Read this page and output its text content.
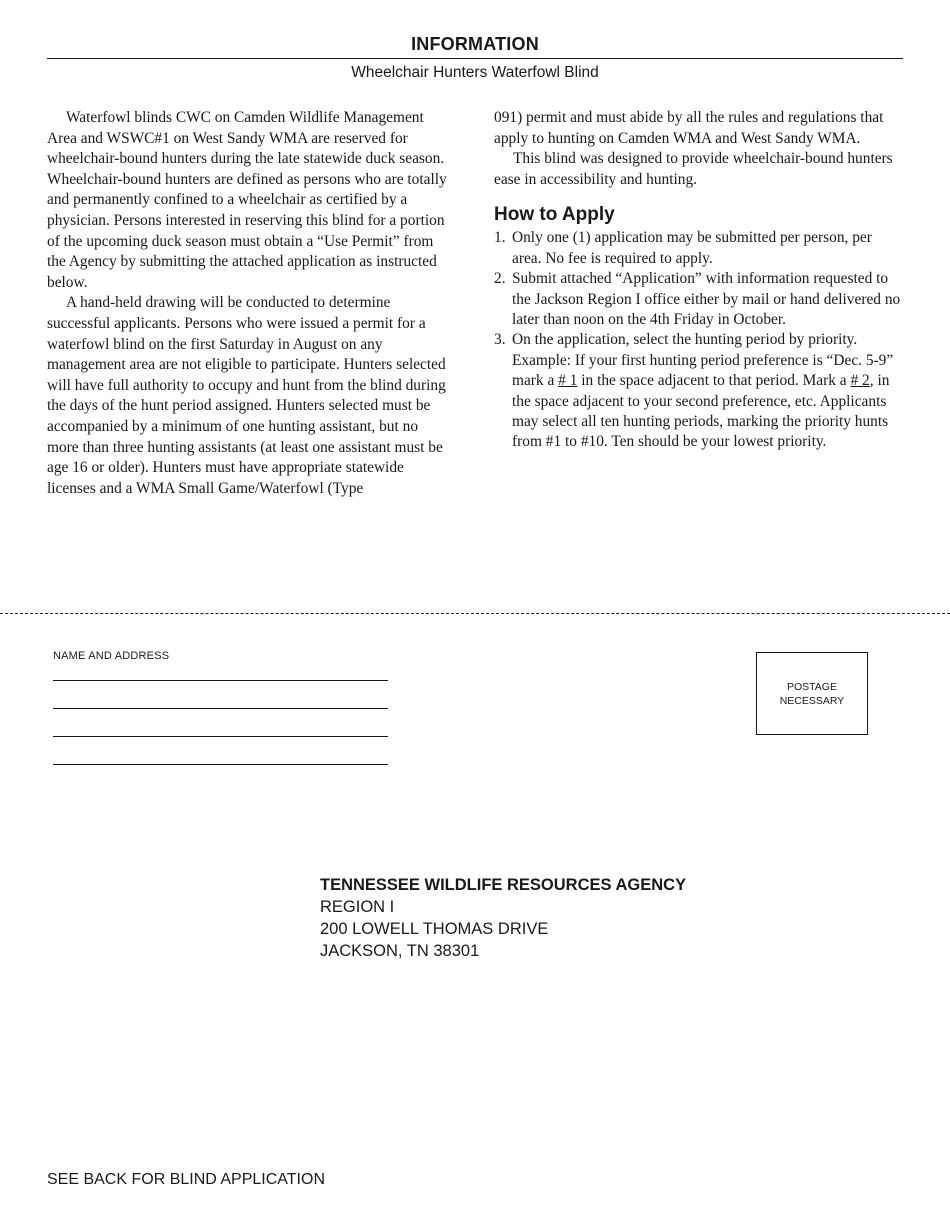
INFORMATION
Wheelchair Hunters Waterfowl Blind

Waterfowl blinds CWC on Camden Wildlife Management Area and WSWC#1 on West Sandy WMA are reserved for wheelchair-bound hunters during the late statewide duck season. Wheelchair-bound hunters are defined as persons who are totally and permanently confined to a wheelchair as certified by a physician. Persons interested in reserving this blind for a portion of the upcoming duck season must obtain a “Use Permit” from the Agency by submitting the attached application as instructed below.

A hand-held drawing will be conducted to determine successful applicants. Persons who were issued a permit for a waterfowl blind on the first Saturday in August on any management area are not eligible to participate. Hunters selected will have full authority to occupy and hunt from the blind during the days of the hunt period assigned. Hunters selected must be accompanied by a minimum of one hunting assistant, but no more than three hunting assistants (at least one assistant must be age 16 or older). Hunters must have appropriate statewide licenses and a WMA Small Game/Waterfowl (Type

091) permit and must abide by all the rules and regulations that apply to hunting on Camden WMA and West Sandy WMA.

This blind was designed to provide wheelchair-bound hunters ease in accessibility and hunting.

How to Apply
1. Only one (1) application may be submitted per person, per area. No fee is required to apply.
2. Submit attached “Application” with information requested to the Jackson Region I office either by mail or hand delivered no later than noon on the 4th Friday in October.
3. On the application, select the hunting period by priority. Example: If your first hunting period preference is “Dec. 5-9” mark a # 1 in the space adjacent to that period. Mark a # 2, in the space adjacent to your second preference, etc. Applicants may select all ten hunting periods, marking the priority hunts from #1 to #10. Ten should be your lowest priority.
NAME AND ADDRESS
POSTAGE
NECESSARY
TENNESSEE WILDLIFE RESOURCES AGENCY
REGION I
200 LOWELL THOMAS DRIVE
JACKSON, TN 38301
SEE BACK FOR BLIND APPLICATION
